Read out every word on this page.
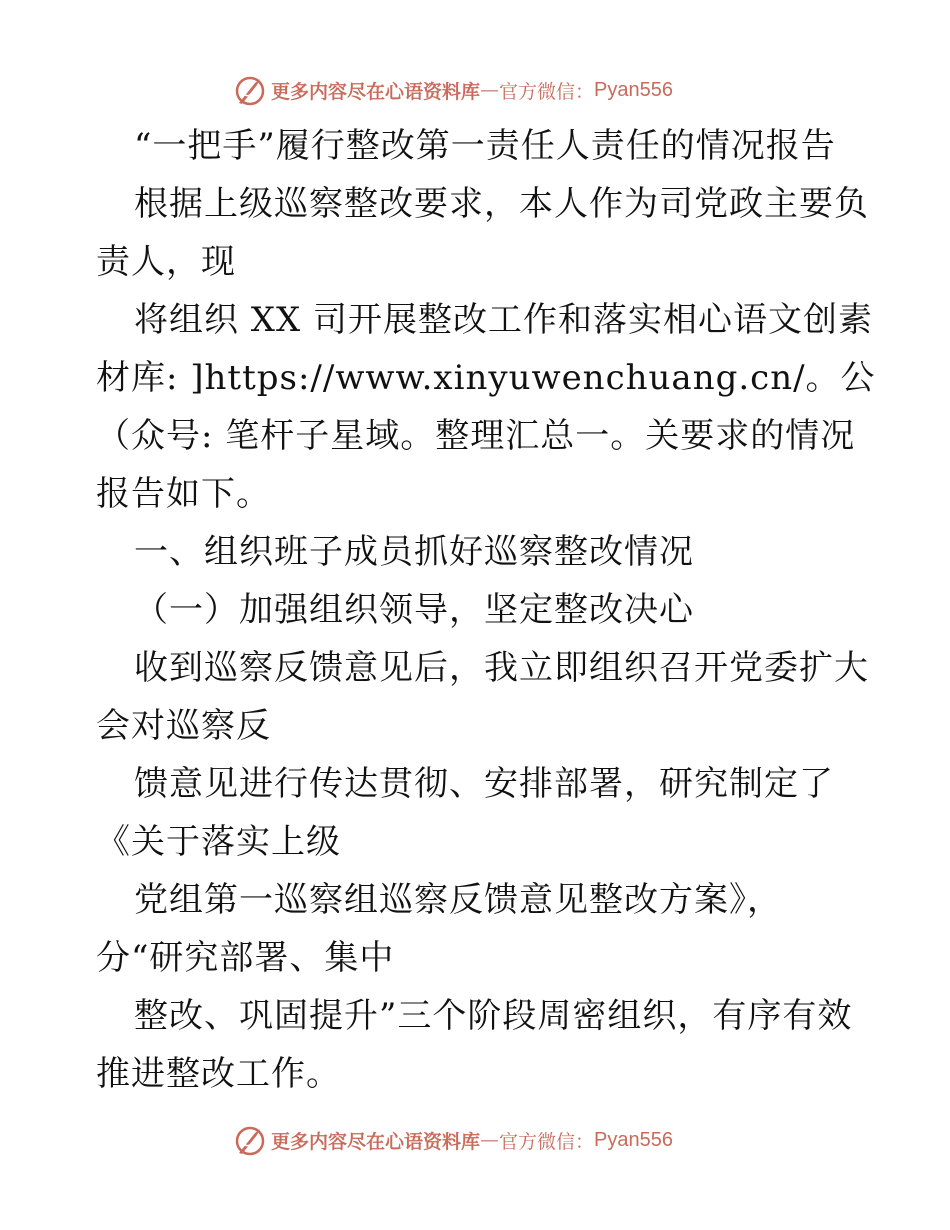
更多内容尽在心语资料库 — 官方微信： Pyan556
“一把手”履行整改第一责任人责任的情况报告
根据上级巡察整改要求，本人作为司党政主要负
责人，现
将组织 XX 司开展整改工作和落实相心语文创素
材库: ]https://www.xinyuwenchuang.cn/。公
（众号: 笔杆子星域。整理汇总一。关要求的情况
报告如下。
一、组织班子成员抓好巡察整改情况
（一）加强组织领导，坚定整改决心
收到巡察反馈意见后，我立即组织召开党委扩大
会对巡察反
馈意见进行传达贯彻、安排部署，研究制定了
《关于落实上级
党组第一巡察组巡察反馈意见整改方案》，
分“研究部署、集中
整改、巩固提升”三个阶段周密组织，有序有效
推进整改工作。
更多内容尽在心语资料库 — 官方微信： Pyan556
